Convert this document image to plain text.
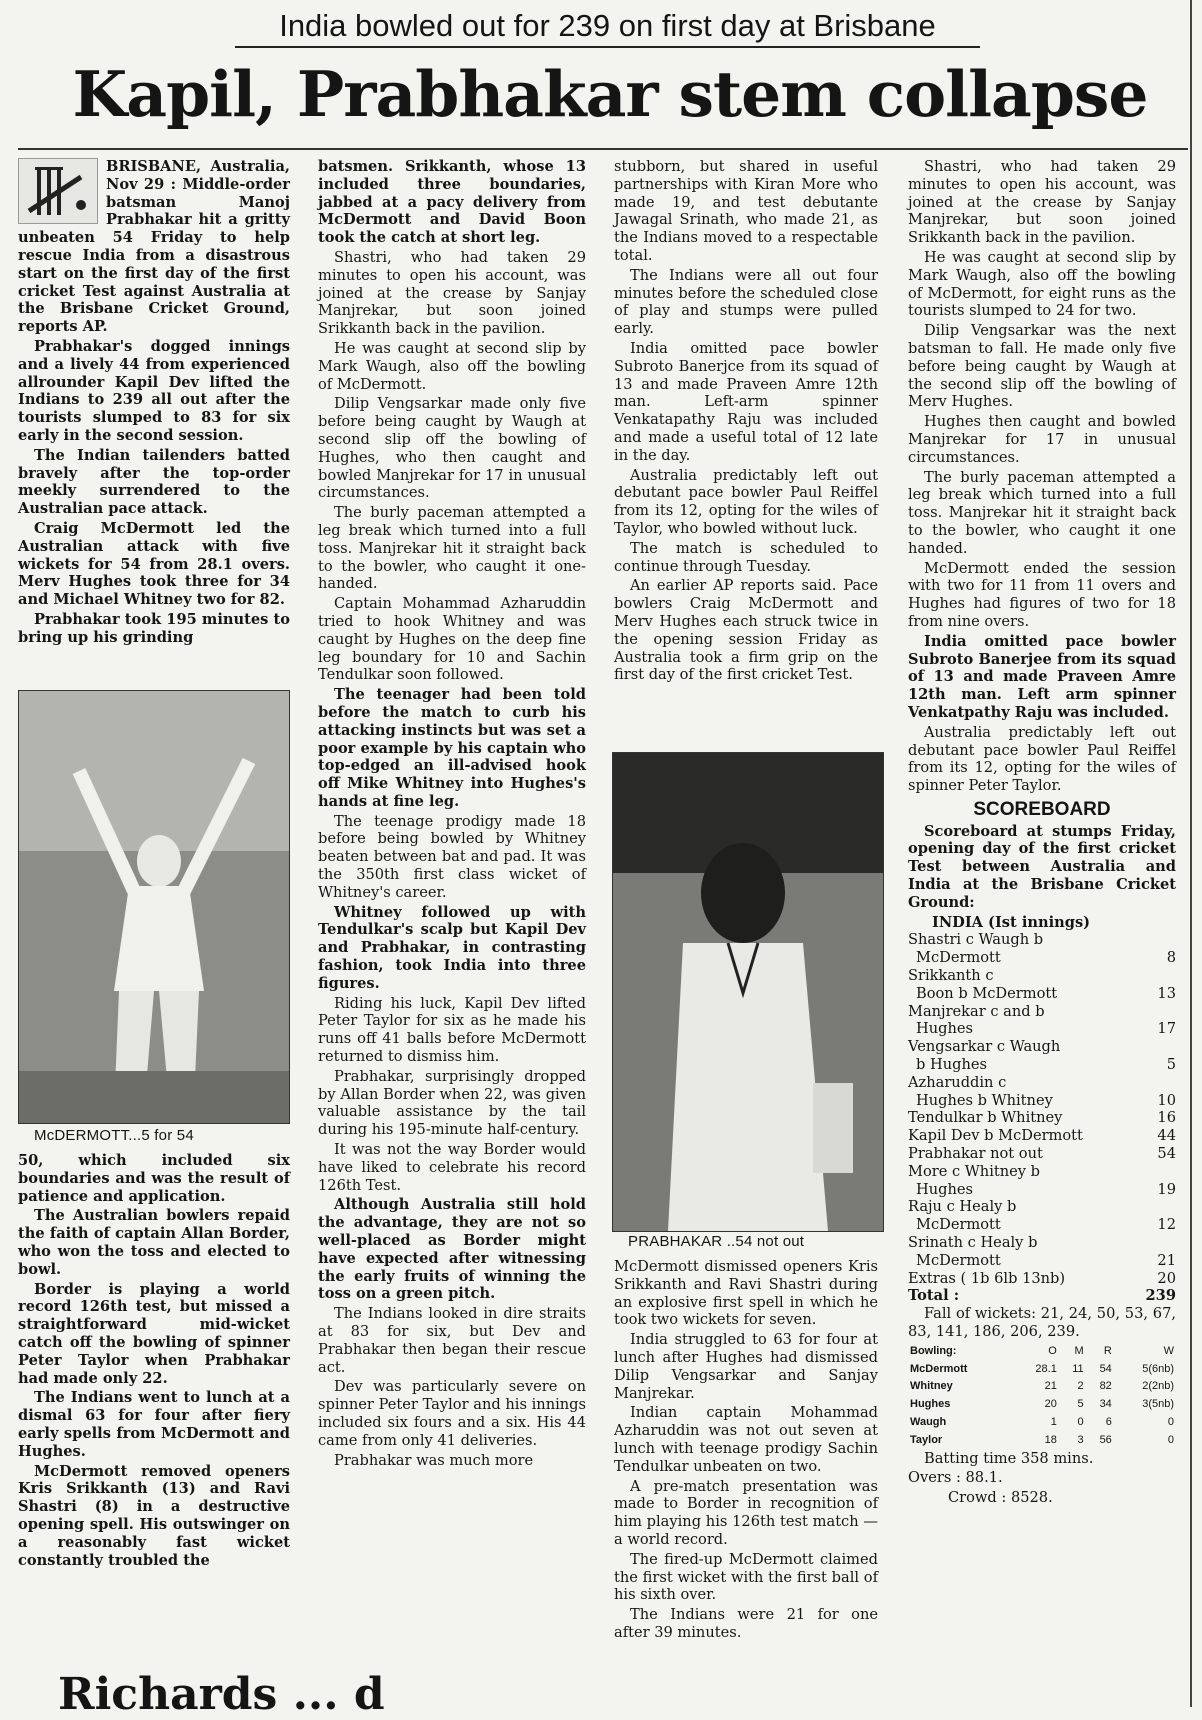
India bowled out for 239 on first day at Brisbane
Kapil, Prabhakar stem collapse

BRISBANE, Australia, Nov 29 : Middle-order batsman Manoj Prabhakar hit a gritty unbeaten 54 Friday to help rescue India from a disastrous start on the first day of the first cricket Test against Australia at the Brisbane Cricket Ground, reports AP.

Prabhakar's dogged innings and a lively 44 from experienced allrounder Kapil Dev lifted the Indians to 239 all out after the tourists slumped to 83 for six early in the second session.

The Indian tailenders batted bravely after the top-order meekly surrendered to the Australian pace attack.

Craig McDermott led the Australian attack with five wickets for 54 from 28.1 overs. Merv Hughes took three for 34 and Michael Whitney two for 82.

Prabhakar took 195 minutes to bring up his grinding

McDERMOTT...5 for 54

50, which included six boundaries and was the result of patience and application.

The Australian bowlers repaid the faith of captain Allan Border, who won the toss and elected to bowl.

Border is playing a world record 126th test, but missed a straightforward mid-wicket catch off the bowling of spinner Peter Taylor when Prabhakar had made only 22.

The Indians went to lunch at a dismal 63 for four after fiery early spells from McDermott and Hughes.

McDermott removed openers Kris Srikkanth (13) and Ravi Shastri (8) in a destructive opening spell. His outswinger on a reasonably fast wicket constantly troubled the

batsmen. Srikkanth, whose 13 included three boundaries, jabbed at a pacy delivery from McDermott and David Boon took the catch at short leg.

Shastri, who had taken 29 minutes to open his account, was joined at the crease by Sanjay Manjrekar, but soon joined Srikkanth back in the pavilion.

He was caught at second slip by Mark Waugh, also off the bowling of McDermott.

Dilip Vengsarkar made only five before being caught by Waugh at second slip off the bowling of Hughes, who then caught and bowled Manjrekar for 17 in unusual circumstances.

The burly paceman attempted a leg break which turned into a full toss. Manjrekar hit it straight back to the bowler, who caught it one-handed.

Captain Mohammad Azharuddin tried to hook Whitney and was caught by Hughes on the deep fine leg boundary for 10 and Sachin Tendulkar soon followed.

The teenager had been told before the match to curb his attacking instincts but was set a poor example by his captain who top-edged an ill-advised hook off Mike Whitney into Hughes's hands at fine leg.

The teenage prodigy made 18 before being bowled by Whitney beaten between bat and pad. It was the 350th first class wicket of Whitney's career.

Whitney followed up with Tendulkar's scalp but Kapil Dev and Prabhakar, in contrasting fashion, took India into three figures.

Riding his luck, Kapil Dev lifted Peter Taylor for six as he made his runs off 41 balls before McDermott returned to dismiss him.

Prabhakar, surprisingly dropped by Allan Border when 22, was given valuable assistance by the tail during his 195-minute half-century.

It was not the way Border would have liked to celebrate his record 126th Test.

Although Australia still hold the advantage, they are not so well-placed as Border might have expected after witnessing the early fruits of winning the toss on a green pitch.

The Indians looked in dire straits at 83 for six, but Dev and Prabhakar then began their rescue act.

Dev was particularly severe on spinner Peter Taylor and his innings included six fours and a six. His 44 came from only 41 deliveries.

Prabhakar was much more

stubborn, but shared in useful partnerships with Kiran More who made 19, and test debutante Jawagal Srinath, who made 21, as the Indians moved to a respectable total.

The Indians were all out four minutes before the scheduled close of play and stumps were pulled early.

India omitted pace bowler Subroto Banerjce from its squad of 13 and made Praveen Amre 12th man. Left-arm spinner Venkatapathy Raju was included and made a useful total of 12 late in the day.

Australia predictably left out debutant pace bowler Paul Reiffel from its 12, opting for the wiles of Taylor, who bowled without luck.

The match is scheduled to continue through Tuesday.

An earlier AP reports said. Pace bowlers Craig McDermott and Merv Hughes each struck twice in the opening session Friday as Australia took a firm grip on the first day of the first cricket Test.

PRABHAKAR ..54 not out

McDermott dismissed openers Kris Srikkanth and Ravi Shastri during an explosive first spell in which he took two wickets for seven.

India struggled to 63 for four at lunch after Hughes had dismissed Dilip Vengsarkar and Sanjay Manjrekar.

Indian captain Mohammad Azharuddin was not out seven at lunch with teenage prodigy Sachin Tendulkar unbeaten on two.

A pre-match presentation was made to Border in recognition of him playing his 126th test match — a world record.

The fired-up McDermott claimed the first wicket with the first ball of his sixth over.

The Indians were 21 for one after 39 minutes.

Shastri, who had taken 29 minutes to open his account, was joined at the crease by Sanjay Manjrekar, but soon joined Srikkanth back in the pavilion.

He was caught at second slip by Mark Waugh, also off the bowling of McDermott, for eight runs as the tourists slumped to 24 for two.

Dilip Vengsarkar was the next batsman to fall. He made only five before being caught by Waugh at the second slip off the bowling of Merv Hughes.

Hughes then caught and bowled Manjrekar for 17 in unusual circumstances.

The burly paceman attempted a leg break which turned into a full toss. Manjrekar hit it straight back to the bowler, who caught it one handed.

McDermott ended the session with two for 11 from 11 overs and Hughes had figures of two for 18 from nine overs.

India omitted pace bowler Subroto Banerjee from its squad of 13 and made Praveen Amre 12th man. Left arm spinner Venkatpathy Raju was included.

Australia predictably left out debutant pace bowler Paul Reiffel from its 12, opting for the wiles of spinner Peter Taylor.

SCOREBOARD

Scoreboard at stumps Friday, opening day of the first cricket Test between Australia and India at the Brisbane Cricket Ground:

INDIA (Ist innings)
Shastri c Waugh b
McDermott	8
Srikkanth c
Boon b McDermott	13
Manjrekar c and b
Hughes	17
Vengsarkar c Waugh
b Hughes	5
Azharuddin c
Hughes b Whitney	10
Tendulkar b Whitney	16
Kapil Dev b McDermott	44
Prabhakar not out	54
More c Whitney b
Hughes	19
Raju c Healy b
McDermott	12
Srinath c Healy b
McDermott	21
Extras ( 1b 6lb 13nb)	20
Total :	239

Fall of wickets: 21, 24, 50, 53, 67, 83, 141, 186, 206, 239.

Bowling:	O	M	R	W
McDermott	28.1	11	54	5(6nb)
Whitney	21	2	82	2(2nb)
Hughes	20	5	34	3(5nb)
Waugh	1	0	6	0
Taylor	18	3	56	0

Batting time 358 mins.

Overs : 88.1.

Crowd : 8528.

Richards ... d
